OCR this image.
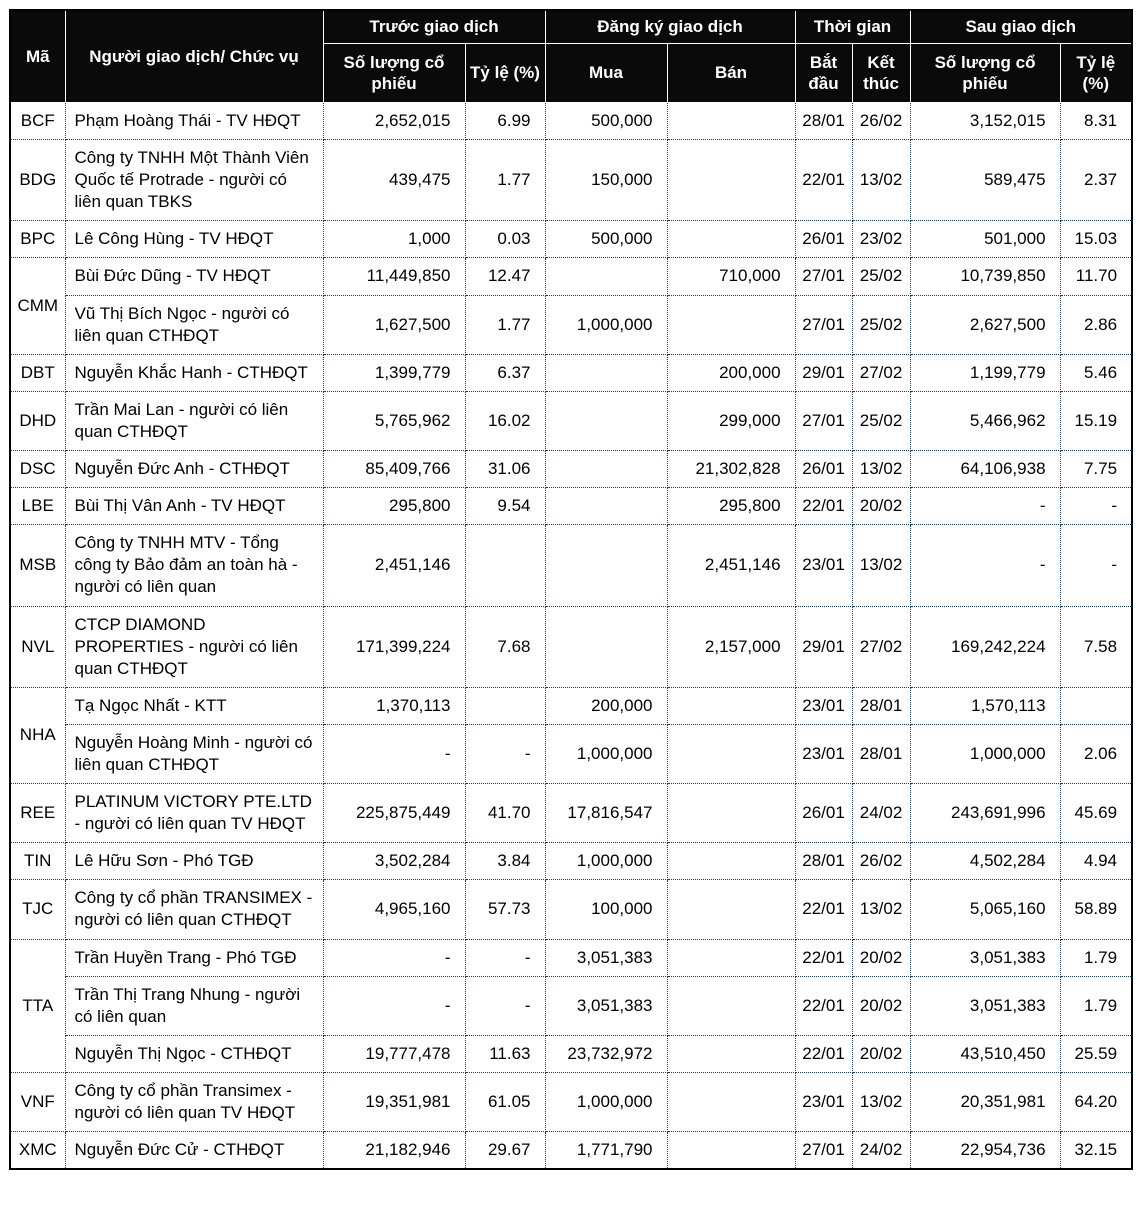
Mã	Người giao dịch/ Chức vụ	Trước giao dịch		Đăng ký giao dịch		Thời gian		Sau giao dịch	
		Số lượng cổ phiếu	Tỷ lệ (%)	Mua	Bán	Bắt đầu	Kết thúc	Số lượng cổ phiếu	Tỷ lệ (%)
BCF	Phạm Hoàng Thái - TV HĐQT	2,652,015	6.99	500,000		28/01	26/02	3,152,015	8.31
BDG	Công ty TNHH Một Thành Viên Quốc tế Protrade - người có liên quan TBKS	439,475	1.77	150,000		22/01	13/02	589,475	2.37
BPC	Lê Công Hùng - TV HĐQT	1,000	0.03	500,000		26/01	23/02	501,000	15.03
CMM	Bùi Đức Dũng - TV HĐQT	11,449,850	12.47		710,000	27/01	25/02	10,739,850	11.70
	Vũ Thị Bích Ngọc - người có liên quan CTHĐQT	1,627,500	1.77	1,000,000		27/01	25/02	2,627,500	2.86
DBT	Nguyễn Khắc Hanh - CTHĐQT	1,399,779	6.37		200,000	29/01	27/02	1,199,779	5.46
DHD	Trần Mai Lan - người có liên quan CTHĐQT	5,765,962	16.02		299,000	27/01	25/02	5,466,962	15.19
DSC	Nguyễn Đức Anh - CTHĐQT	85,409,766	31.06		21,302,828	26/01	13/02	64,106,938	7.75
LBE	Bùi Thị Vân Anh - TV HĐQT	295,800	9.54		295,800	22/01	20/02	-	-
MSB	Công ty TNHH MTV - Tổng công ty Bảo đảm an toàn hà - người có liên quan	2,451,146			2,451,146	23/01	13/02	-	-
NVL	CTCP DIAMOND PROPERTIES - người có liên quan CTHĐQT	171,399,224	7.68		2,157,000	29/01	27/02	169,242,224	7.58
NHA	Tạ Ngọc Nhất - KTT	1,370,113		200,000		23/01	28/01	1,570,113	
	Nguyễn Hoàng Minh - người có liên quan CTHĐQT	-	-	1,000,000		23/01	28/01	1,000,000	2.06
REE	PLATINUM VICTORY PTE.LTD - người có liên quan TV HĐQT	225,875,449	41.70	17,816,547		26/01	24/02	243,691,996	45.69
TIN	Lê Hữu Sơn - Phó TGĐ	3,502,284	3.84	1,000,000		28/01	26/02	4,502,284	4.94
TJC	Công ty cổ phần TRANSIMEX - người có liên quan CTHĐQT	4,965,160	57.73	100,000		22/01	13/02	5,065,160	58.89
TTA	Trần Huyền Trang - Phó TGĐ	-	-	3,051,383		22/01	20/02	3,051,383	1.79
	Trần Thị Trang Nhung - người có liên quan	-	-	3,051,383		22/01	20/02	3,051,383	1.79
	Nguyễn Thị Ngọc - CTHĐQT	19,777,478	11.63	23,732,972		22/01	20/02	43,510,450	25.59
VNF	Công ty cổ phần Transimex - người có liên quan TV HĐQT	19,351,981	61.05	1,000,000		23/01	13/02	20,351,981	64.20
XMC	Nguyễn Đức Cử - CTHĐQT	21,182,946	29.67	1,771,790		27/01	24/02	22,954,736	32.15
